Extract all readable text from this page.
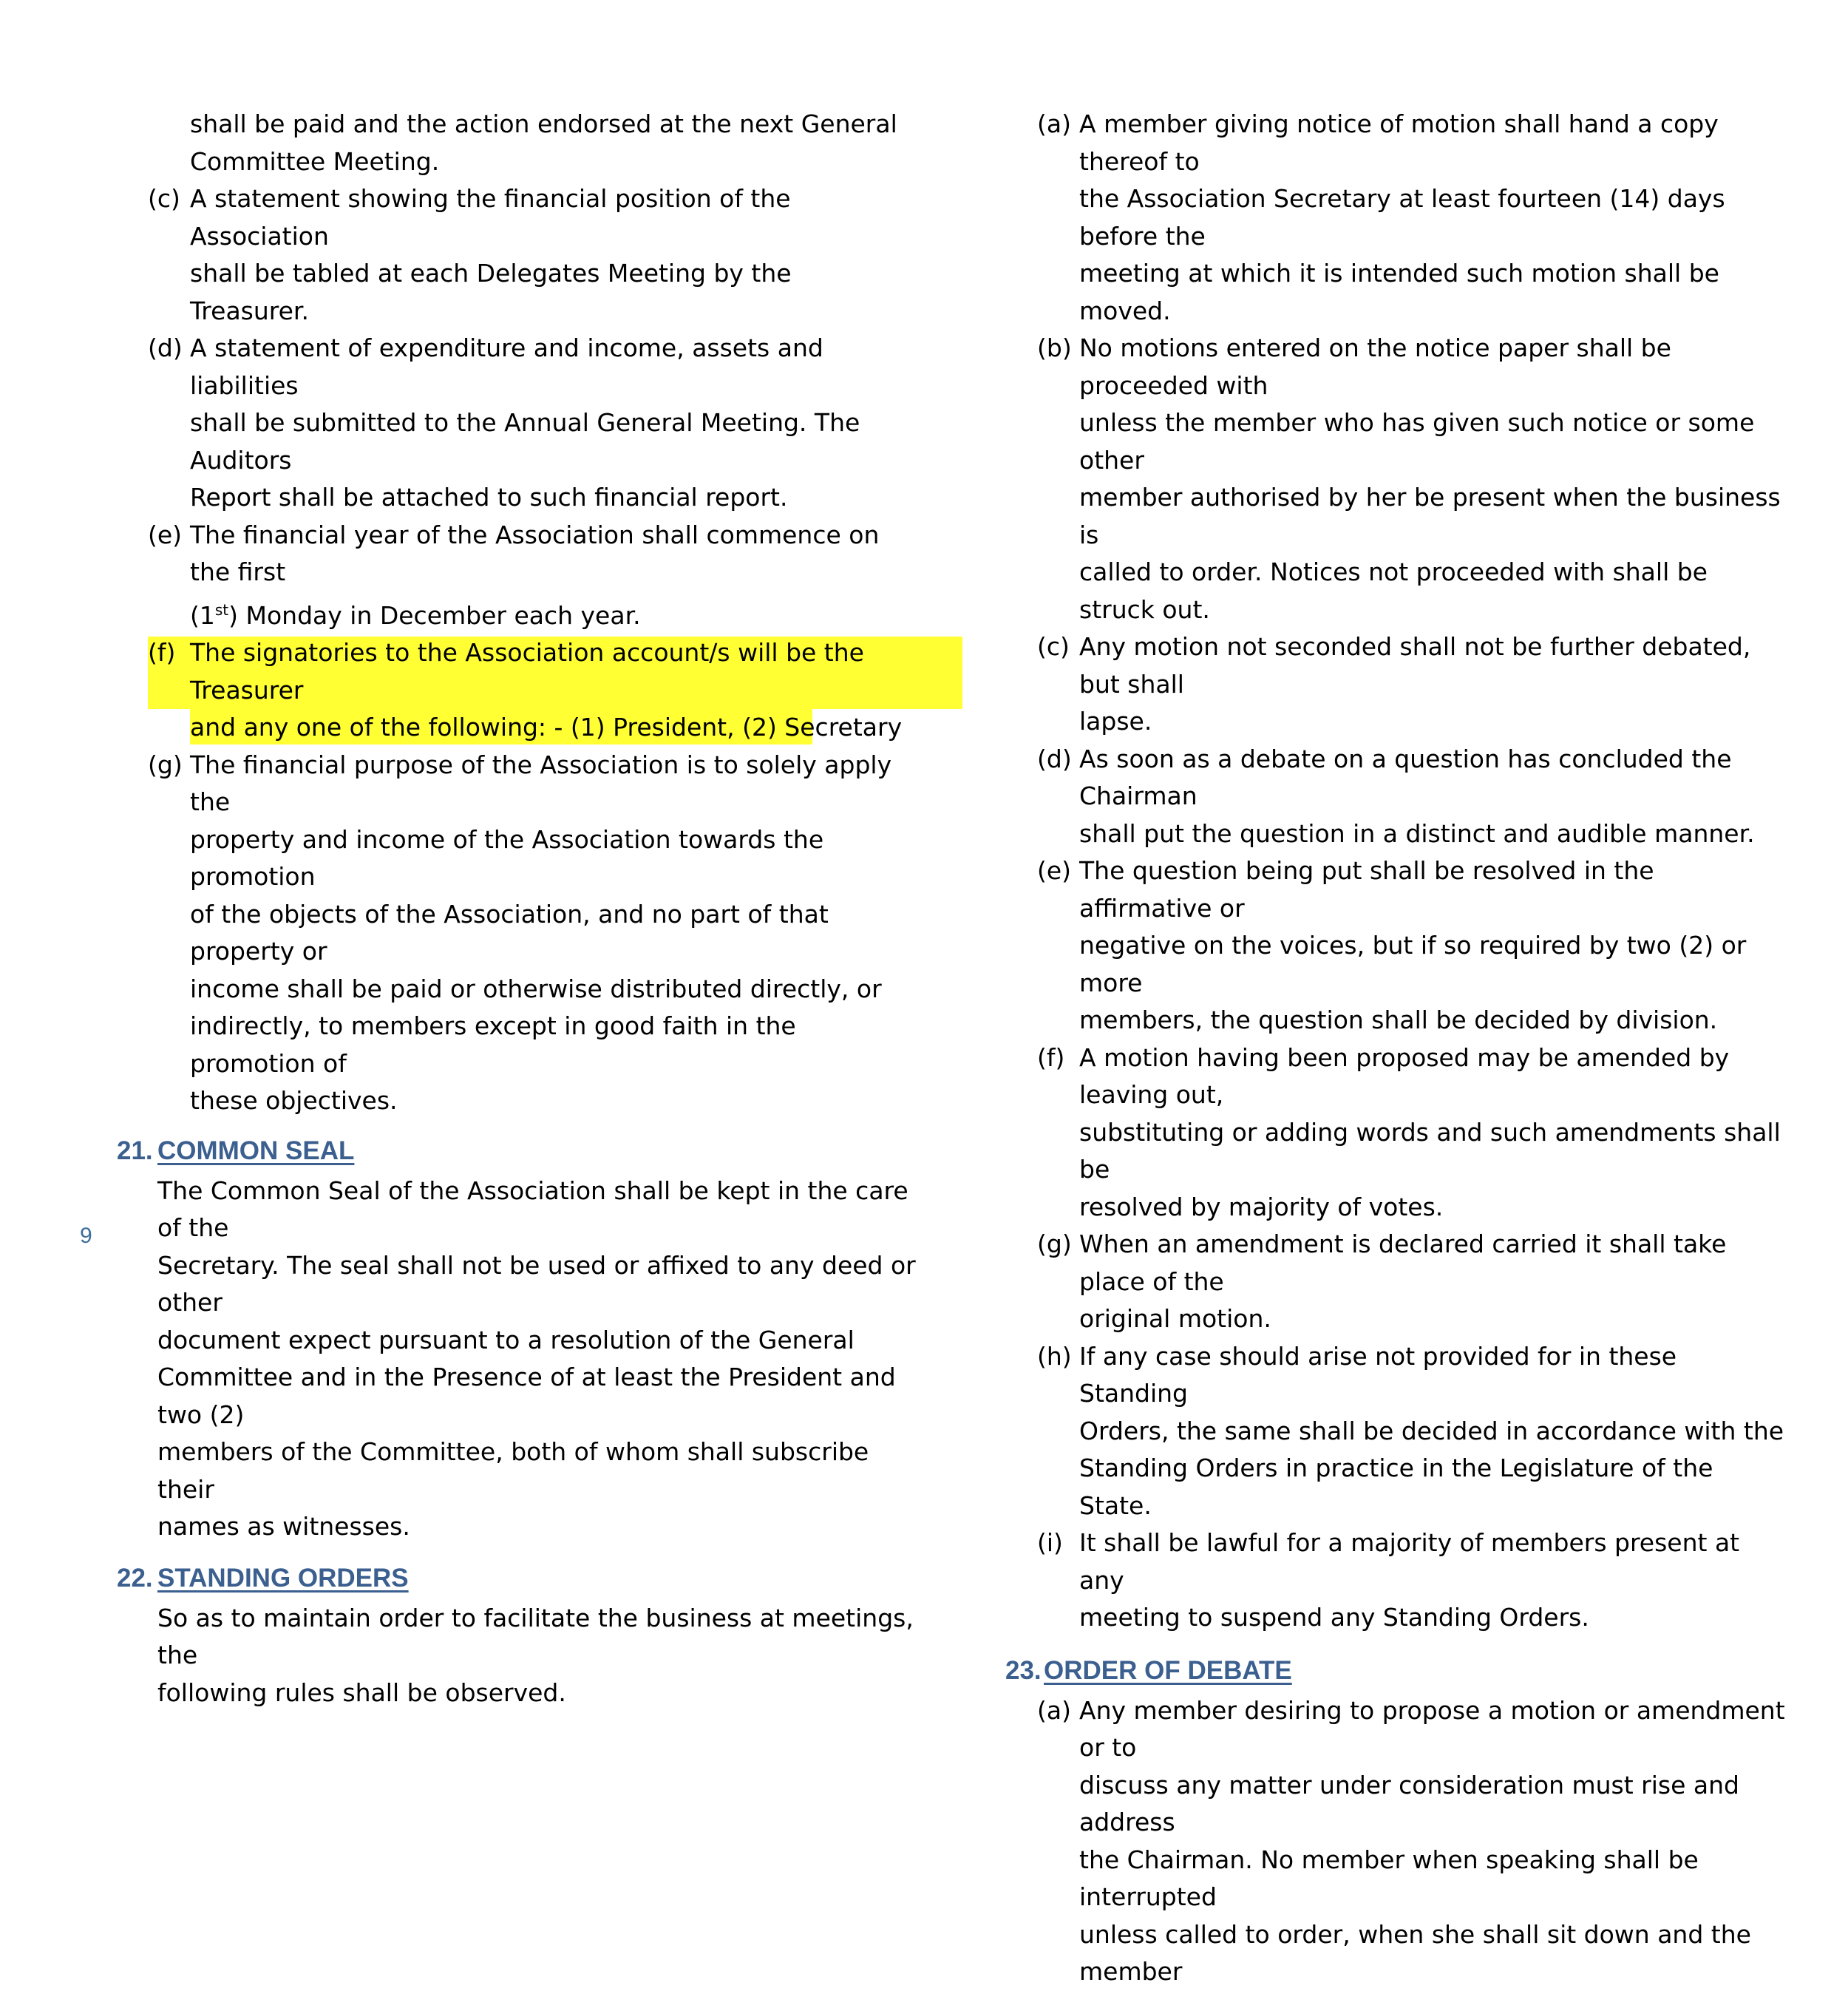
shall be paid and the action endorsed at the next General
Committee Meeting.
(c) A statement showing the financial position of the Association
shall be tabled at each Delegates Meeting by the Treasurer.
(d) A statement of expenditure and income, assets and liabilities
shall be submitted to the Annual General Meeting. The Auditors
Report shall be attached to such financial report.
(e) The financial year of the Association shall commence on the first
(1st) Monday in December each year.
(f) The signatories to the Association account/s will be the Treasurer
and any one of the following: - (1) President, (2) Secretary
(g) The financial purpose of the Association is to solely apply the
property and income of the Association towards the promotion
of the objects of the Association, and no part of that property or
income shall be paid or otherwise distributed directly, or
indirectly, to members except in good faith in the promotion of
these objectives.
21. COMMON SEAL
The Common Seal of the Association shall be kept in the care of the
Secretary. The seal shall not be used or affixed to any deed or other
document expect pursuant to a resolution of the General
Committee and in the Presence of at least the President and two (2)
members of the Committee, both of whom shall subscribe their
names as witnesses.
22. STANDING ORDERS
So as to maintain order to facilitate the business at meetings, the
following rules shall be observed.
(a) A member giving notice of motion shall hand a copy thereof to
the Association Secretary at least fourteen (14) days before the
meeting at which it is intended such motion shall be moved.
(b) No motions entered on the notice paper shall be proceeded with
unless the member who has given such notice or some other
member authorised by her be present when the business is
called to order. Notices not proceeded with shall be struck out.
(c) Any motion not seconded shall not be further debated, but shall
lapse.
(d) As soon as a debate on a question has concluded the Chairman
shall put the question in a distinct and audible manner.
(e) The question being put shall be resolved in the affirmative or
negative on the voices, but if so required by two (2) or more
members, the question shall be decided by division.
(f) A motion having been proposed may be amended by leaving out,
substituting or adding words and such amendments shall be
resolved by majority of votes.
(g) When an amendment is declared carried it shall take place of the
original motion.
(h) If any case should arise not provided for in these Standing
Orders, the same shall be decided in accordance with the
Standing Orders in practice in the Legislature of the State.
(i) It shall be lawful for a majority of members present at any
meeting to suspend any Standing Orders.
23. ORDER OF DEBATE
(a) Any member desiring to propose a motion or amendment or to
discuss any matter under consideration must rise and address
the Chairman. No member when speaking shall be interrupted
unless called to order, when she shall sit down and the member
9
